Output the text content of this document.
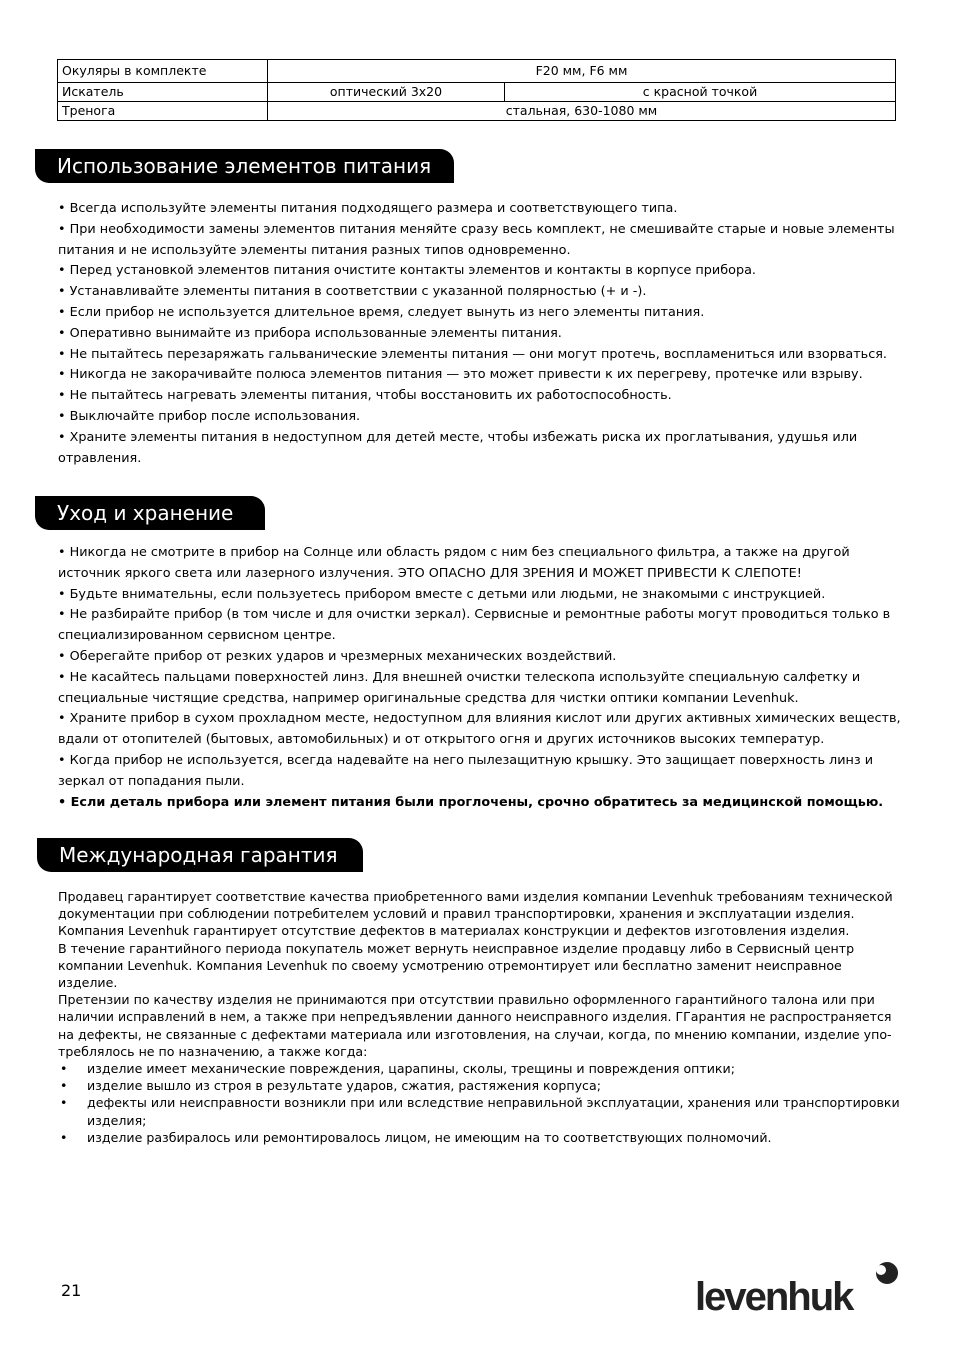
Окуляры в комплекте	F20 мм, F6 мм	
Искатель	оптический 3x20	с красной точкой
Тренога	стальная, 630-1080 мм	
Использование элементов питания

• Всегда используйте элементы питания подходящего размера и соответствующего типа.

• При необходимости замены элементов питания меняйте сразу весь комплект, не смешивайте старые и новые элементы питания и не используйте элементы питания разных типов одновременно.

• Перед установкой элементов питания очистите контакты элементов и контакты в корпусе прибора.

• Устанавливайте элементы питания в соответствии с указанной полярностью (+ и -).

• Если прибор не используется длительное время, следует вынуть из него элементы питания.

• Оперативно вынимайте из прибора использованные элементы питания.

• Не пытайтесь перезаряжать гальванические элементы питания — они могут протечь, воспламениться или взорваться.

• Никогда не закорачивайте полюса элементов питания — это может привести к их перегреву, протечке или взрыву.

• Не пытайтесь нагревать элементы питания, чтобы восстановить их работоспособность.

• Выключайте прибор после использования.

• Храните элементы питания в недоступном для детей месте, чтобы избежать риска их проглатывания, удушья или отравления.

Уход и хранение

• Никогда не смотрите в прибор на Солнце или область рядом с ним без специального фильтра, а также на другой источник яркого света или лазерного излучения. ЭТО ОПАСНО ДЛЯ ЗРЕНИЯ И МОЖЕТ ПРИВЕСТИ К СЛЕПОТЕ!

• Будьте внимательны, если пользуетесь прибором вместе с детьми или людьми, не знакомыми с инструкцией.

• Не разбирайте прибор (в том числе и для очистки зеркал). Сервисные и ремонтные работы могут проводиться только в специализированном сервисном центре.

• Оберегайте прибор от резких ударов и чрезмерных механических воздействий.

• Не касайтесь пальцами поверхностей линз. Для внешней очистки телескопа используйте специальную салфетку и специальные чистящие средства, например оригинальные средства для чистки оптики компании Levenhuk.

• Храните прибор в сухом прохладном месте, недоступном для влияния кислот или других активных химических веществ, вдали от отопителей (бытовых, автомобильных) и от открытого огня и других источников высоких температур.

• Когда прибор не используется, всегда надевайте на него пылезащитную крышку. Это защищает поверхность линз и зеркал от попадания пыли.

• Если деталь прибора или элемент питания были проглочены, срочно обратитесь за медицинской помощью.

Международная гарантия

Продавец гарантирует соответствие качества приобретенного вами изделия компании Levenhuk требованиям технической документации при соблюдении потребителем условий и правил транспортировки, хранения и эксплуатации изделия.

Компания Levenhuk гарантирует отсутствие дефектов в материалах конструкции и дефектов изготовления изделия.

В течение гарантийного периода покупатель может вернуть неисправное изделие продавцу либо в Сервисный центр компании Levenhuk. Компания Levenhuk по своему усмотрению отремонтирует или бесплатно заменит неисправное изделие.

Претензии по качеству изделия не принимаются при отсутствии правильно оформленного гарантийного талона или при наличии исправлений в нем, а также при непредъявлении данного неисправного изделия. ГГарантия не распространяется на дефекты, не связанные с дефектами материала или изготовления, на случаи, когда, по мнению компании, изделие употреблялось не по назначению, а также когда:

• изделие имеет механические повреждения, царапины, сколы, трещины и повреждения оптики;
• изделие вышло из строя в результате ударов, сжатия, растяжения корпуса;
• дефекты или неисправности возникли при или вследствие неправильной эксплуатации, хранения или транспортировки изделия;
• изделие разбиралось или ремонтировалось лицом, не имеющим на то соответствующих полномочий.
21	levenhuk
